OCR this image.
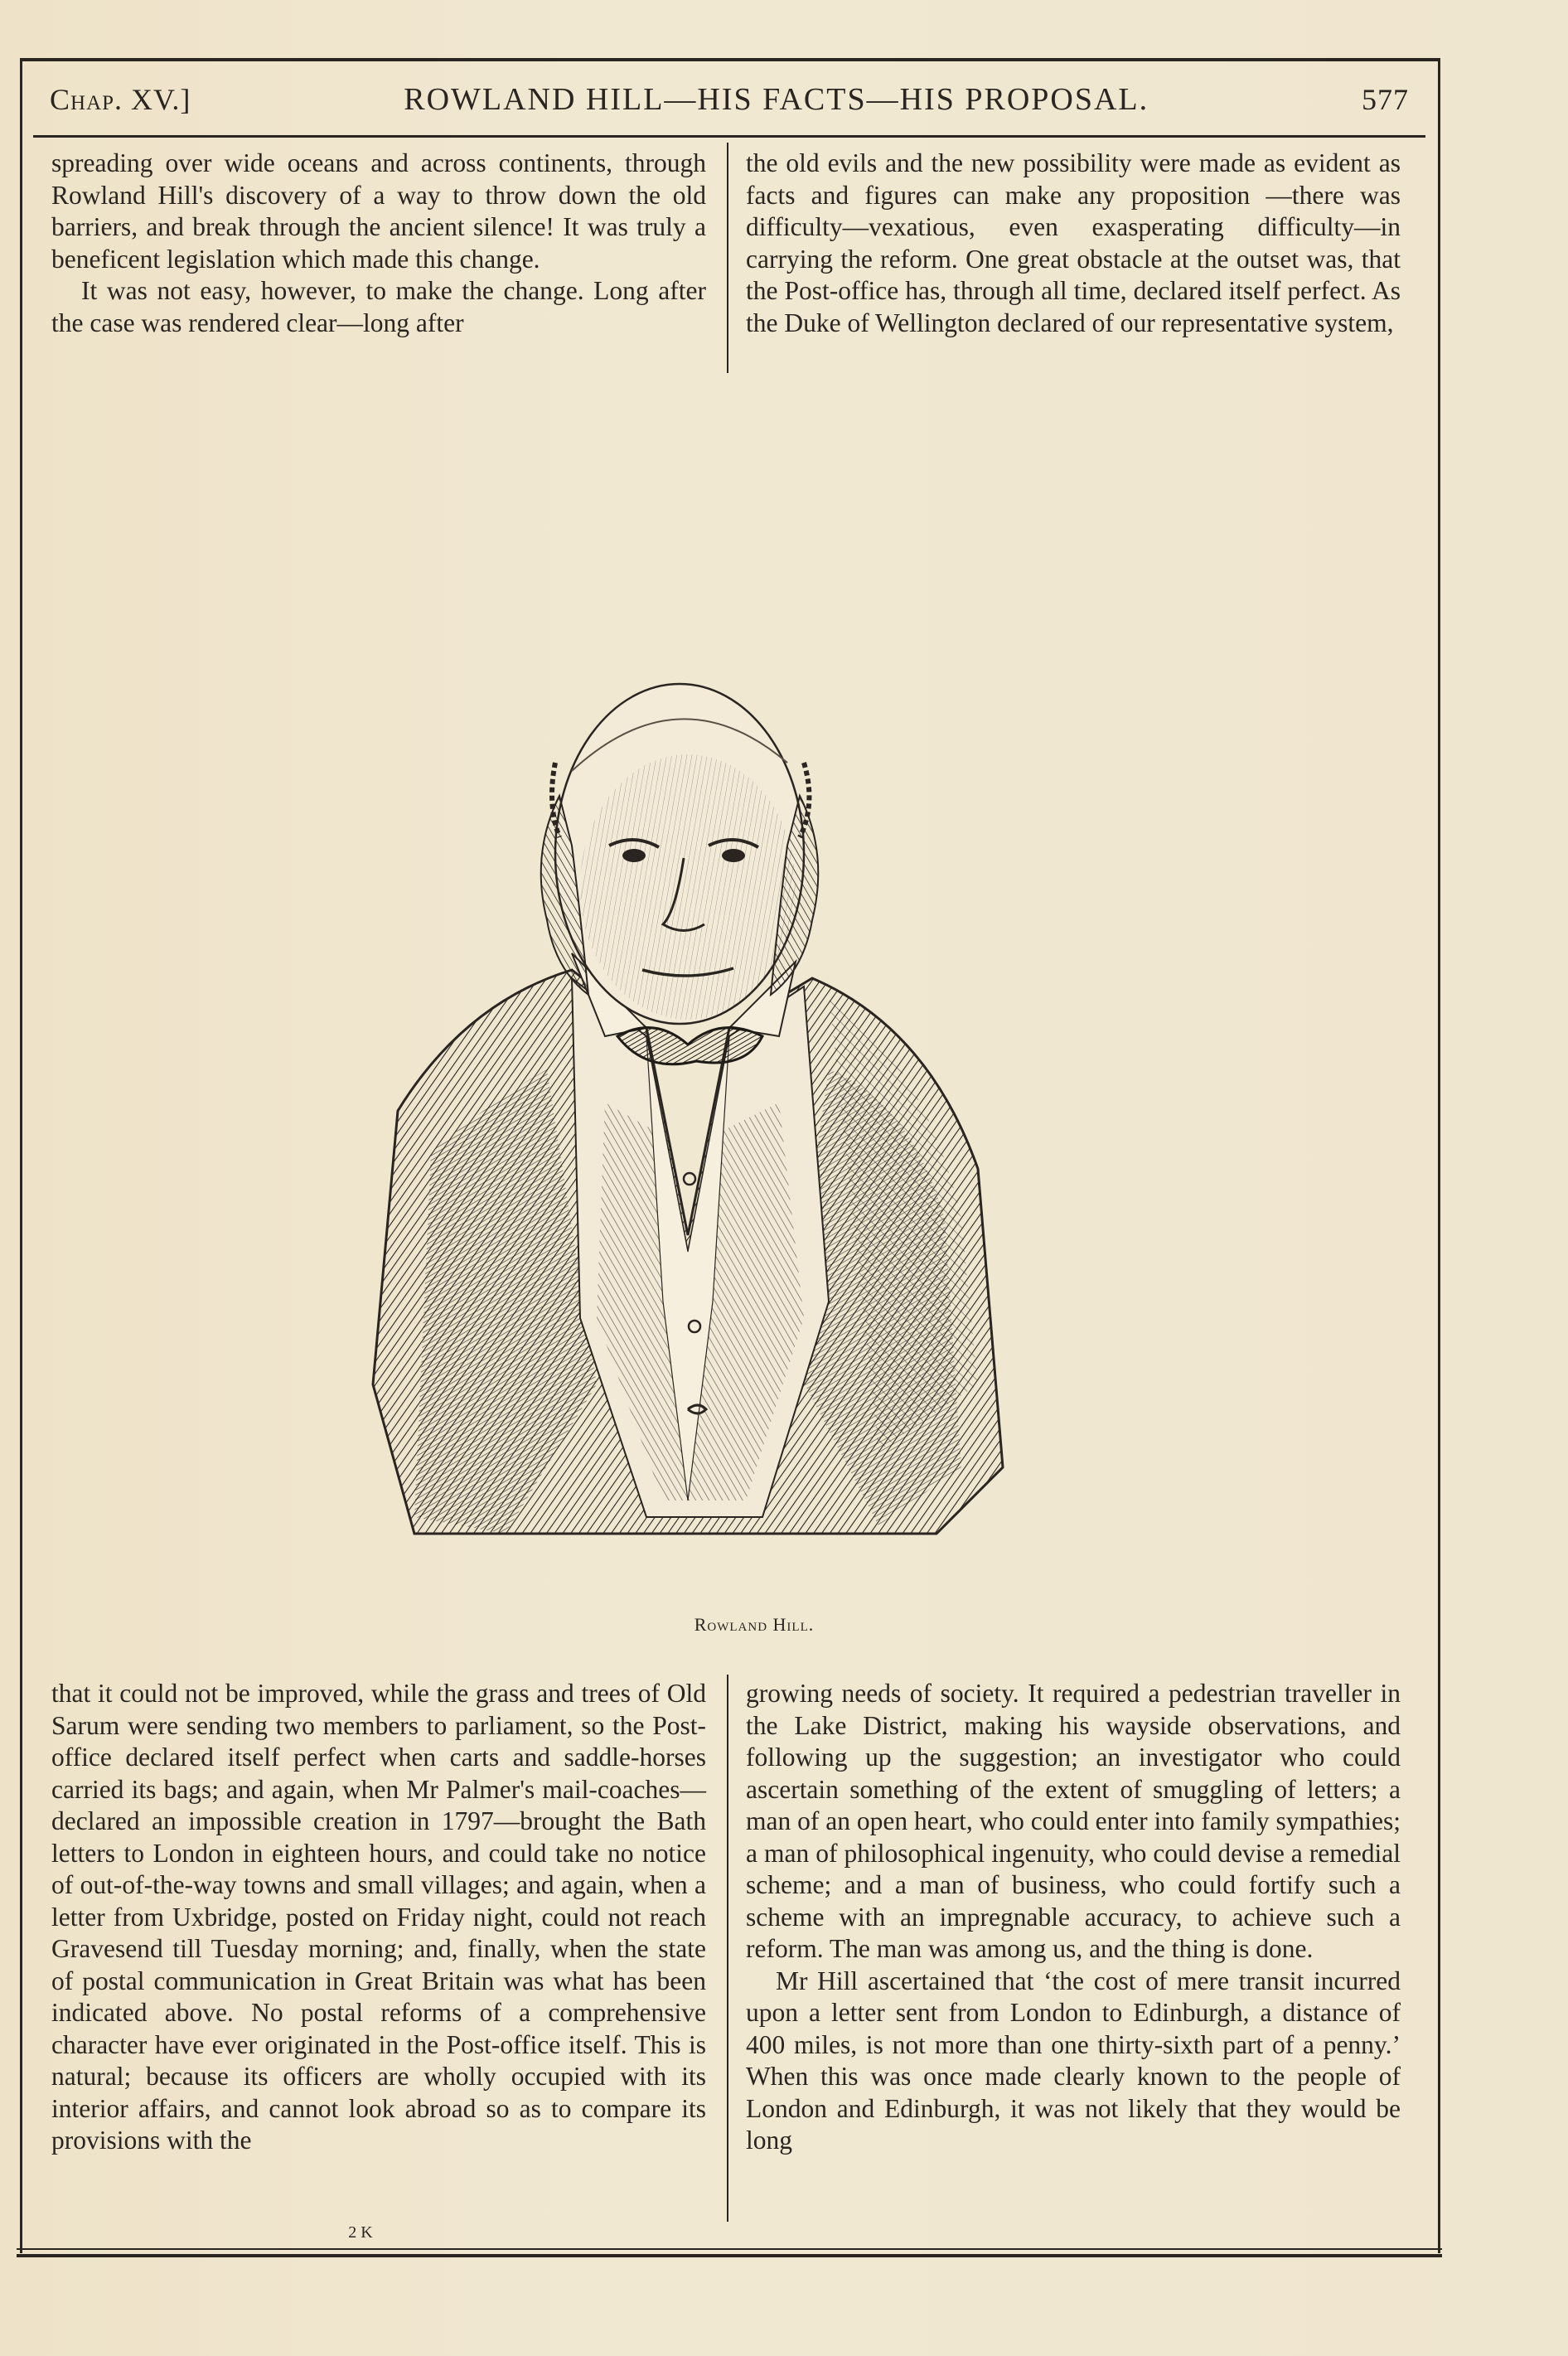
Chap. XV.]	ROWLAND HILL—HIS FACTS—HIS PROPOSAL.	577

spreading over wide oceans and across continents, through Rowland Hill's discovery of a way to throw down the old barriers, and break through the ancient silence! It was truly a beneficent legislation which made this change.

It was not easy, however, to make the change. Long after the case was rendered clear—long after

the old evils and the new possibility were made as evident as facts and figures can make any proposition —there was difficulty—vexatious, even exasperating difficulty—in carrying the reform. One great obstacle at the outset was, that the Post-office has, through all time, declared itself perfect. As the Duke of Wellington declared of our representative system,

Rowland Hill.

that it could not be improved, while the grass and trees of Old Sarum were sending two members to parliament, so the Post-office declared itself perfect when carts and saddle-horses carried its bags; and again, when Mr Palmer's mail-coaches—declared an impossible creation in 1797—brought the Bath letters to London in eighteen hours, and could take no notice of out-of-the-way towns and small villages; and again, when a letter from Uxbridge, posted on Friday night, could not reach Gravesend till Tuesday morning; and, finally, when the state of postal communication in Great Britain was what has been indicated above. No postal reforms of a comprehensive character have ever originated in the Post-office itself. This is natural; because its officers are wholly occupied with its interior affairs, and cannot look abroad so as to compare its provisions with the

growing needs of society. It required a pedestrian traveller in the Lake District, making his wayside observations, and following up the suggestion; an investigator who could ascertain something of the extent of smuggling of letters; a man of an open heart, who could enter into family sympathies; a man of philosophical ingenuity, who could devise a remedial scheme; and a man of business, who could fortify such a scheme with an impregnable accuracy, to achieve such a reform. The man was among us, and the thing is done.

Mr Hill ascertained that ‘the cost of mere transit incurred upon a letter sent from London to Edinburgh, a distance of 400 miles, is not more than one thirty-sixth part of a penny.’ When this was once made clearly known to the people of London and Edinburgh, it was not likely that they would be long

2 K
